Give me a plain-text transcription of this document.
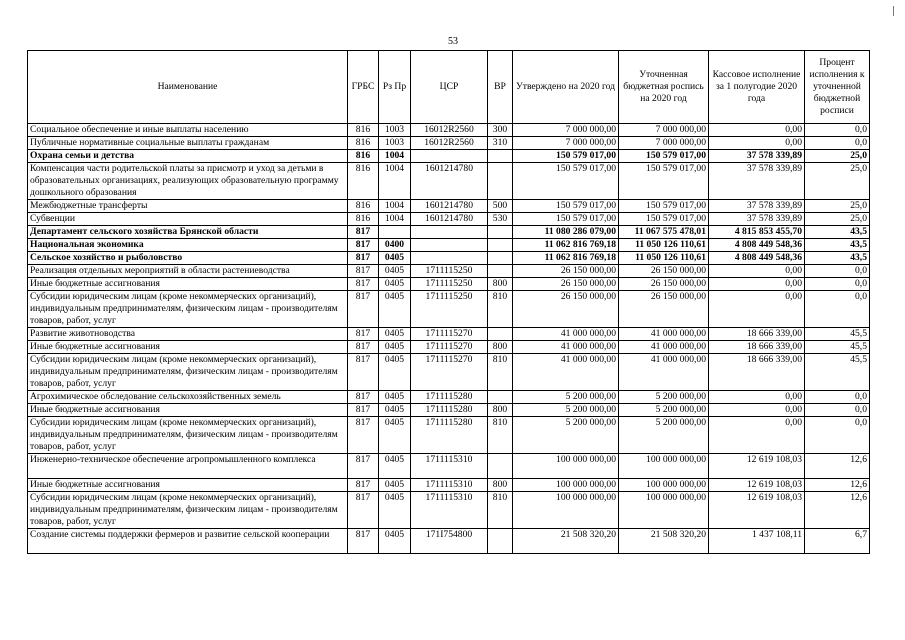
53
Наименование	ГРБС	Рз Пр	ЦСР	ВР	Утверждено на 2020 год	Уточненная бюджетная роспись на 2020 год	Кассовое исполнение за 1 полугодие 2020 года	Процент исполнения к уточненной бюджетной росписи
Социальное обеспечение и иные выплаты населению	816	1003	16012R2560	300	7 000 000,00	7 000 000,00	0,00	0,0
Публичные нормативные социальные выплаты гражданам	816	1003	16012R2560	310	7 000 000,00	7 000 000,00	0,00	0,0
Охрана семьи и детства	816	1004			150 579 017,00	150 579 017,00	37 578 339,89	25,0
Компенсация части родительской платы за присмотр и уход за детьми в образовательных организациях, реализующих образовательную программу дошкольного образования	816	1004	1601214780		150 579 017,00	150 579 017,00	37 578 339,89	25,0
Межбюджетные трансферты	816	1004	1601214780	500	150 579 017,00	150 579 017,00	37 578 339,89	25,0
Субвенции	816	1004	1601214780	530	150 579 017,00	150 579 017,00	37 578 339,89	25,0
Департамент сельского хозяйства Брянской области	817				11 080 286 079,00	11 067 575 478,01	4 815 853 455,70	43,5
Национальная экономика	817	0400			11 062 816 769,18	11 050 126 110,61	4 808 449 548,36	43,5
Сельское хозяйство и рыболовство	817	0405			11 062 816 769,18	11 050 126 110,61	4 808 449 548,36	43,5
Реализация отдельных мероприятий в области растениеводства	817	0405	1711115250		26 150 000,00	26 150 000,00	0,00	0,0
Иные бюджетные ассигнования	817	0405	1711115250	800	26 150 000,00	26 150 000,00	0,00	0,0
Субсидии юридическим лицам (кроме некоммерческих организаций), индивидуальным предпринимателям, физическим лицам - производителям товаров, работ, услуг	817	0405	1711115250	810	26 150 000,00	26 150 000,00	0,00	0,0
Развитие животноводства	817	0405	1711115270		41 000 000,00	41 000 000,00	18 666 339,00	45,5
Иные бюджетные ассигнования	817	0405	1711115270	800	41 000 000,00	41 000 000,00	18 666 339,00	45,5
Субсидии юридическим лицам (кроме некоммерческих организаций), индивидуальным предпринимателям, физическим лицам - производителям товаров, работ, услуг	817	0405	1711115270	810	41 000 000,00	41 000 000,00	18 666 339,00	45,5
Агрохимическое обследование сельскохозяйственных земель	817	0405	1711115280		5 200 000,00	5 200 000,00	0,00	0,0
Иные бюджетные ассигнования	817	0405	1711115280	800	5 200 000,00	5 200 000,00	0,00	0,0
Субсидии юридическим лицам (кроме некоммерческих организаций), индивидуальным предпринимателям, физическим лицам - производителям товаров, работ, услуг	817	0405	1711115280	810	5 200 000,00	5 200 000,00	0,00	0,0
Инженерно-техническое обеспечение агропромышленного комплекса	817	0405	1711115310		100 000 000,00	100 000 000,00	12 619 108,03	12,6
Иные бюджетные ассигнования	817	0405	1711115310	800	100 000 000,00	100 000 000,00	12 619 108,03	12,6
Субсидии юридическим лицам (кроме некоммерческих организаций), индивидуальным предпринимателям, физическим лицам - производителям товаров, работ, услуг	817	0405	1711115310	810	100 000 000,00	100 000 000,00	12 619 108,03	12,6
Создание системы поддержки фермеров и развитие сельской кооперации	817	0405	171I754800		21 508 320,20	21 508 320,20	1 437 108,11	6,7
